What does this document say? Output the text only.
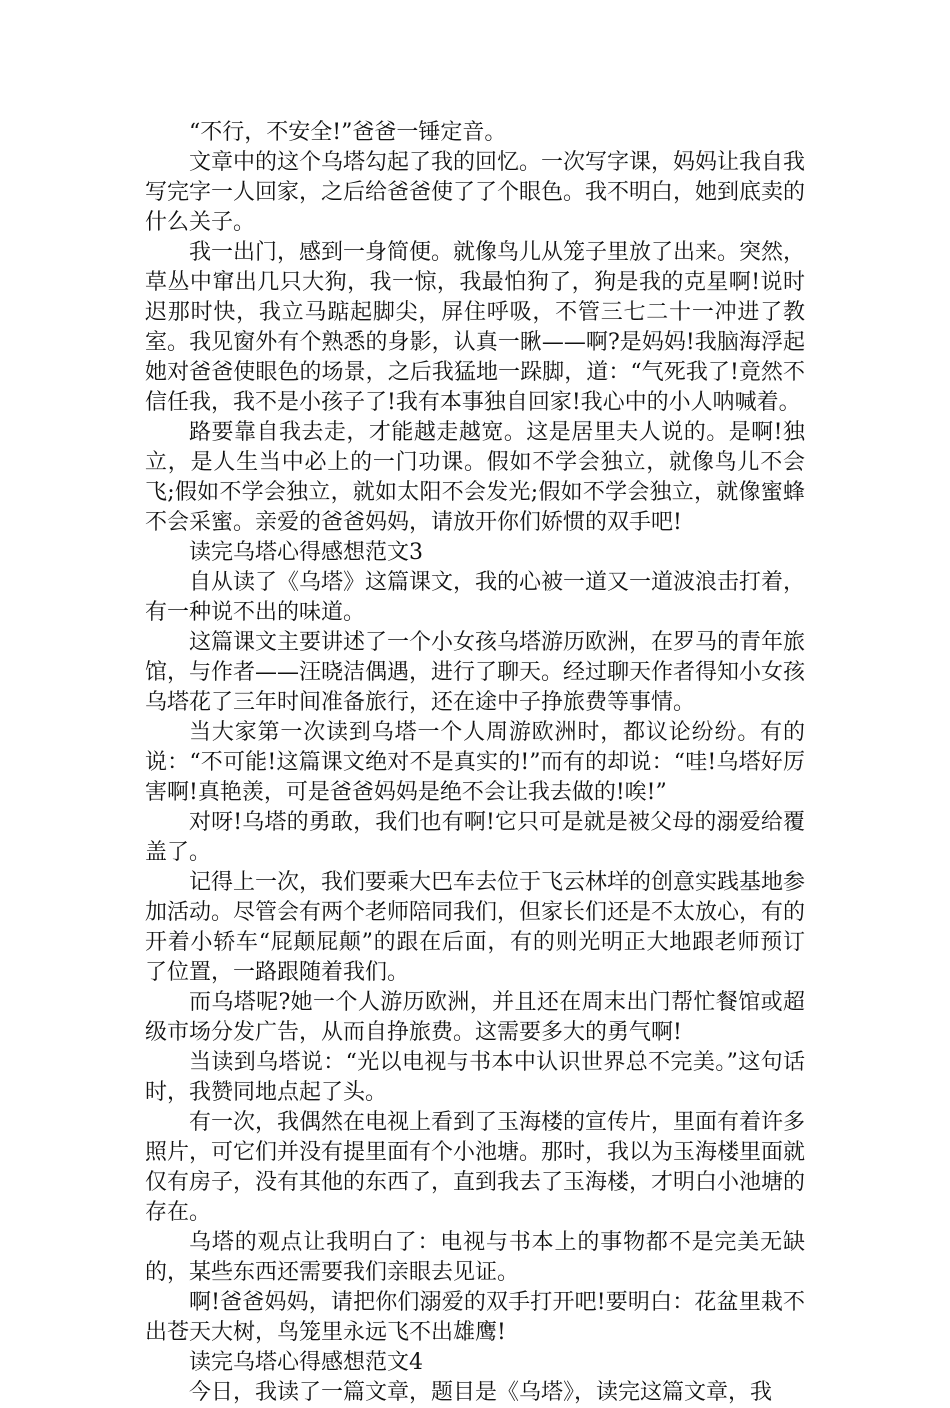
“不行，不安全!”爸爸一锤定音。

文章中的这个乌塔勾起了我的回忆。一次写字课，妈妈让我自我写完字一人回家，之后给爸爸使了了个眼色。我不明白，她到底卖的什么关子。

我一出门，感到一身简便。就像鸟儿从笼子里放了出来。突然，草丛中窜出几只大狗，我一惊，我最怕狗了，狗是我的克星啊!说时迟那时快，我立马踮起脚尖，屏住呼吸，不管三七二十一冲进了教室。我见窗外有个熟悉的身影，认真一瞅——啊?是妈妈!我脑海浮起她对爸爸使眼色的场景，之后我猛地一跺脚，道：“气死我了!竟然不信任我，我不是小孩子了!我有本事独自回家!我心中的小人呐喊着。

路要靠自我去走，才能越走越宽。这是居里夫人说的。是啊!独立，是人生当中必上的一门功课。假如不学会独立，就像鸟儿不会飞;假如不学会独立，就如太阳不会发光;假如不学会独立，就像蜜蜂不会采蜜。亲爱的爸爸妈妈，请放开你们娇惯的双手吧!

读完乌塔心得感想范文3

自从读了《乌塔》这篇课文，我的心被一道又一道波浪击打着，有一种说不出的味道。

这篇课文主要讲述了一个小女孩乌塔游历欧洲，在罗马的青年旅馆，与作者——汪晓洁偶遇，进行了聊天。经过聊天作者得知小女孩乌塔花了三年时间准备旅行，还在途中子挣旅费等事情。

当大家第一次读到乌塔一个人周游欧洲时，都议论纷纷。有的说：“不可能!这篇课文绝对不是真实的!”而有的却说：“哇!乌塔好厉害啊!真艳羡，可是爸爸妈妈是绝不会让我去做的!唉!”

对呀!乌塔的勇敢，我们也有啊!它只可是就是被父母的溺爱给覆盖了。

记得上一次，我们要乘大巴车去位于飞云林垟的创意实践基地参加活动。尽管会有两个老师陪同我们，但家长们还是不太放心，有的开着小轿车“屁颠屁颠”的跟在后面，有的则光明正大地跟老师预订了位置，一路跟随着我们。

而乌塔呢?她一个人游历欧洲，并且还在周末出门帮忙餐馆或超级市场分发广告，从而自挣旅费。这需要多大的勇气啊!

当读到乌塔说：“光以电视与书本中认识世界总不完美。”这句话时，我赞同地点起了头。

有一次，我偶然在电视上看到了玉海楼的宣传片，里面有着许多照片，可它们并没有提里面有个小池塘。那时，我以为玉海楼里面就仅有房子，没有其他的东西了，直到我去了玉海楼，才明白小池塘的存在。

乌塔的观点让我明白了：电视与书本上的事物都不是完美无缺的，某些东西还需要我们亲眼去见证。

啊!爸爸妈妈，请把你们溺爱的双手打开吧!要明白：花盆里栽不出苍天大树，鸟笼里永远飞不出雄鹰!

读完乌塔心得感想范文4

今日，我读了一篇文章，题目是《乌塔》，读完这篇文章，我
